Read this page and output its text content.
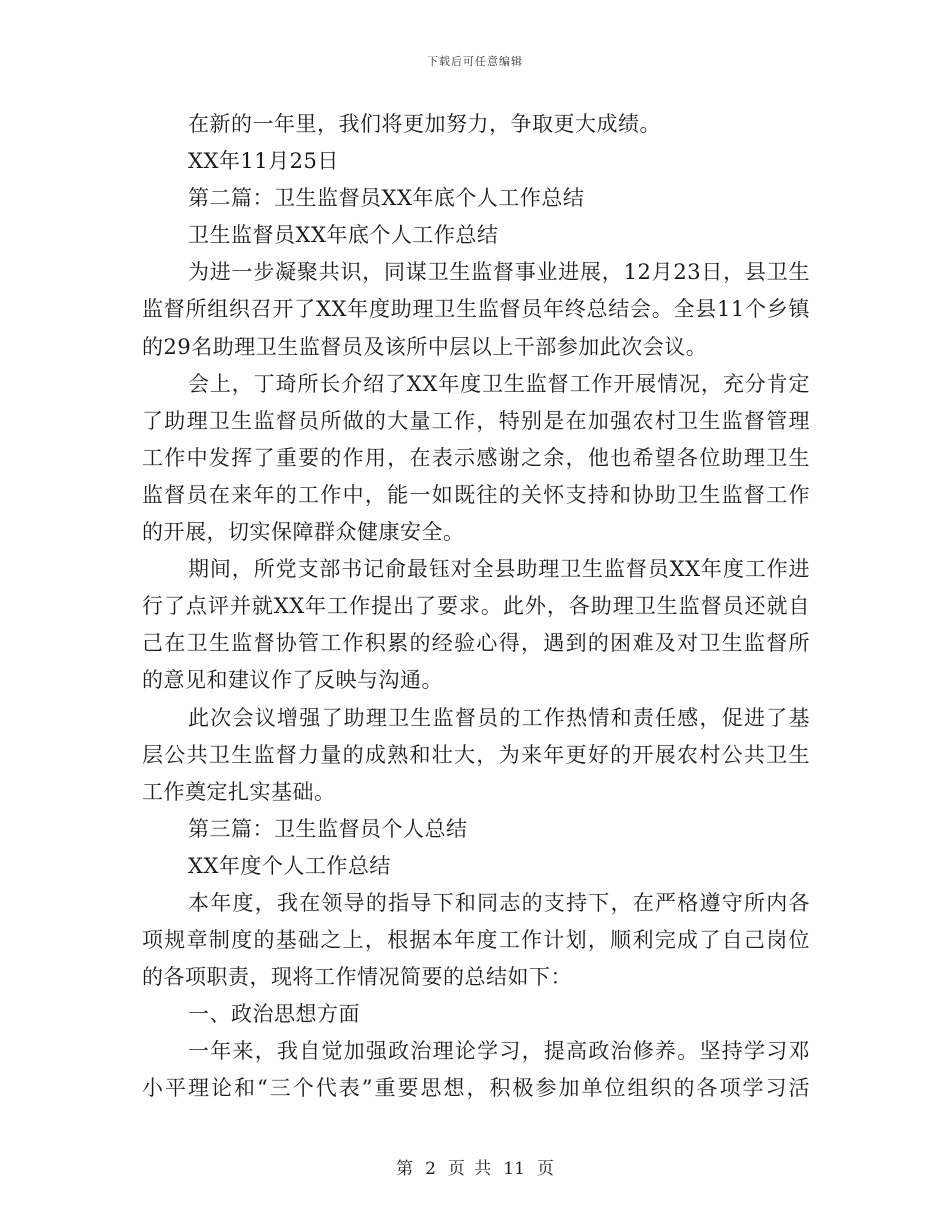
下载后可任意编辑
在新的一年里，我们将更加努力，争取更大成绩。
XX年11月25日
第二篇：卫生监督员XX年底个人工作总结
卫生监督员XX年底个人工作总结
为进一步凝聚共识，同谋卫生监督事业进展，12月23日，县卫生
监督所组织召开了XX年度助理卫生监督员年终总结会。全县11个乡镇
的29名助理卫生监督员及该所中层以上干部参加此次会议。
会上，丁琦所长介绍了XX年度卫生监督工作开展情况，充分肯定
了助理卫生监督员所做的大量工作，特别是在加强农村卫生监督管理
工作中发挥了重要的作用，在表示感谢之余，他也希望各位助理卫生
监督员在来年的工作中，能一如既往的关怀支持和协助卫生监督工作
的开展，切实保障群众健康安全。
期间，所党支部书记俞最钰对全县助理卫生监督员XX年度工作进
行了点评并就XX年工作提出了要求。此外，各助理卫生监督员还就自
己在卫生监督协管工作积累的经验心得，遇到的困难及对卫生监督所
的意见和建议作了反映与沟通。
此次会议增强了助理卫生监督员的工作热情和责任感，促进了基
层公共卫生监督力量的成熟和壮大，为来年更好的开展农村公共卫生
工作奠定扎实基础。
第三篇：卫生监督员个人总结
XX年度个人工作总结
本年度，我在领导的指导下和同志的支持下，在严格遵守所内各
项规章制度的基础之上，根据本年度工作计划，顺利完成了自己岗位
的各项职责，现将工作情况简要的总结如下：
一、政治思想方面
一年来，我自觉加强政治理论学习，提高政治修养。坚持学习邓
小平理论和“三个代表”重要思想，积极参加单位组织的各项学习活
第 2 页 共 11 页
